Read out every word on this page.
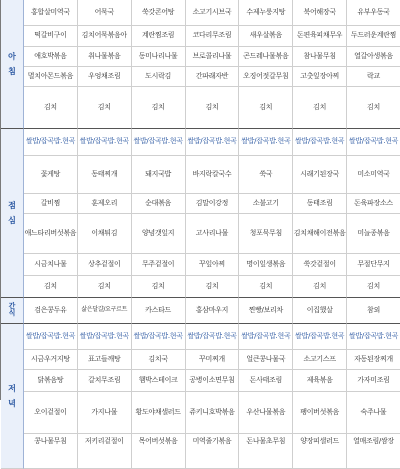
아
침
홍합살미역국	어묵국	쑥갓콘어탕	소고기시브국	수제누룽지탕	북어해장국	유부우동국
떡갈비구이	김치어묵볶음아	계란찜조림	코다리무조림	새우살볶음	돈편육피채무우	두드러운계란찜
애호박볶음	취나물볶음	동미나리나물	브로콜리나물	곤드레나물볶음	참나물무침	열갈아생볶음
멸치아몬드볶음	우엉채조림	도시락김	간파래자반	오징어젓갈무침	고춧잎장아찌	락교
김치	김치	김치	김치	김치	김치	김치
점
심
쌀밥/잡곡밥.현곡 쌀밥/잡곡밥.현곡 쌀밥/잡곡밥.현곡 쌀밥/잡곡밥.현곡 쌀밥/잡곡밥.현곡 쌀밥/잡곡밥.현곡 쌀밥/잡곡밥.현곡
꽃게탕	동태찌개	돼지국밥	바지락칼국수	쑥국	시래기된장국	미소미역국
갈비찜	훈제오리	순대볶음	김말이강정	소불고기	동태조림	돈육파장소스
애느타리버섯볶음	이채튀김	양념갯잎지	고사리나물	청포묵무침	김치채해이전볶음	미늘종볶음
시금치나물	상추겉절이	무주겉절이	꾸잎아찌	명이잎생볶음	쑥갓겉절이	무절단무지
김치	김치	김치	김치	김치	김치	김치
간
식	검은콩두유	삶은달걀/요구르트	카스타드	홍삼마우지	찐빵/보리차	이집했살	참외
저
녁
쌀밥/잡곡밥.현곡 쌀밥/잡곡밥.현곡 쌀밥/잡곡밥.현곡 쌀밥/잡곡밥.현곡 쌀밥/잡곡밥.현곡 쌀밥/잡곡밥.현곡 쌀밥/잡곡밥.현곡
시금우거지탕	표고들깨탕	김치국	꾸미찌개	얼큰콩나물국	소고기스프	자동된장찌개
닭볶음탕	갈치무조림	햄박스테이크	공병이소면무침	돈사태조림	제육볶음	가자미조림
오이겉절이	가지나물	황도야채샐러드	쥬키니호박볶음	우산나물볶음	팽이버섯볶음	숙주나물
콩나물무침	저키리겉절이	목어버섯볶음	미역줄기볶음	돈나물초무침	양장피샐러드	열매조림/쌈장
